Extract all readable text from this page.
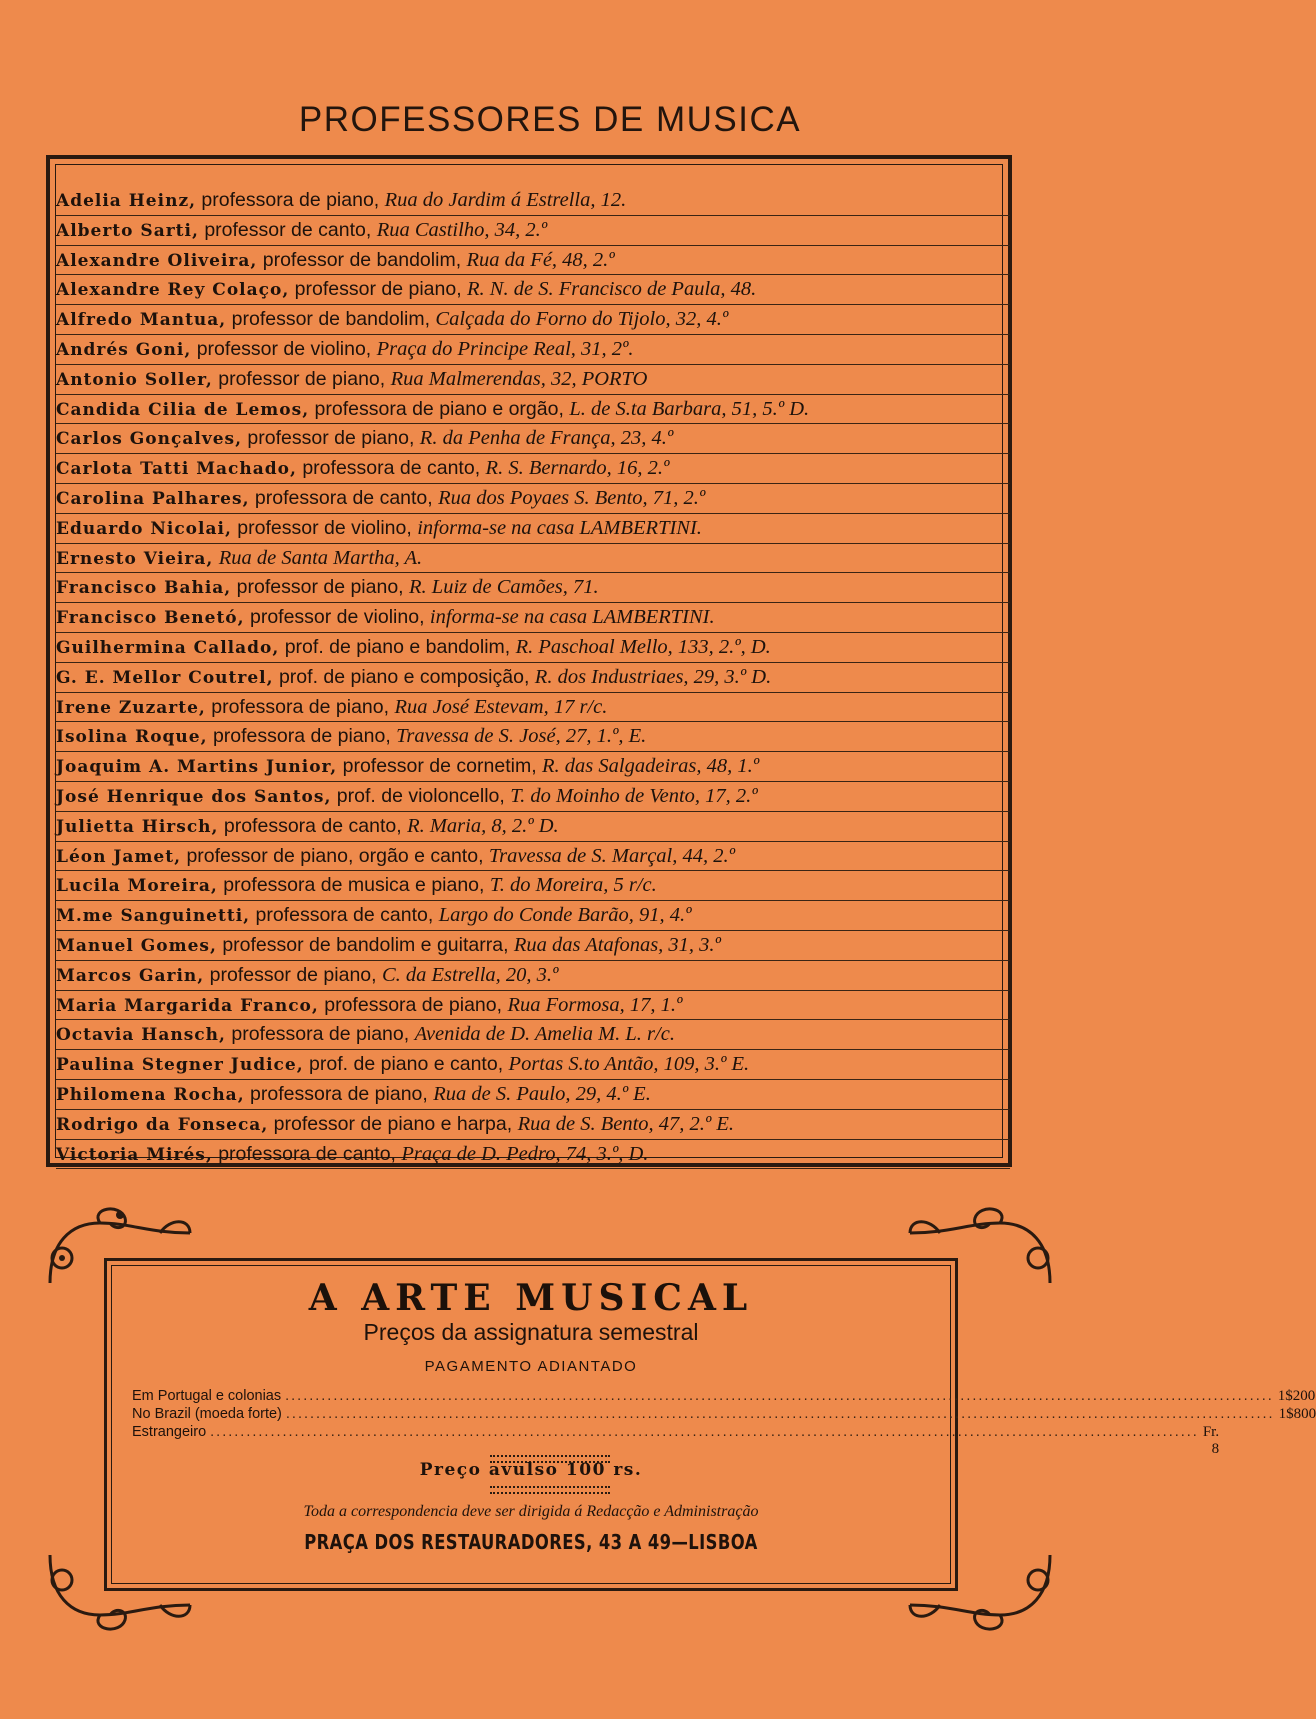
PROFESSORES DE MUSICA
Adelia Heinz, professora de piano, Rua do Jardim á Estrella, 12.
Alberto Sarti, professor de canto, Rua Castilho, 34, 2.º
Alexandre Oliveira, professor de bandolim, Rua da Fé, 48, 2.º
Alexandre Rey Colaço, professor de piano, R. N. de S. Francisco de Paula, 48.
Alfredo Mantua, professor de bandolim, Calçada do Forno do Tijolo, 32, 4.º
Andrés Goni, professor de violino, Praça do Principe Real, 31, 2º.
Antonio Soller, professor de piano, Rua Malmerendas, 32, PORTO
Candida Cilia de Lemos, professora de piano e orgão, L. de S.ta Barbara, 51, 5.º D.
Carlos Gonçalves, professor de piano, R. da Penha de França, 23, 4.º
Carlota Tatti Machado, professora de canto, R. S. Bernardo, 16, 2.º
Carolina Palhares, professora de canto, Rua dos Poyaes S. Bento, 71, 2.º
Eduardo Nicolai, professor de violino, informa-se na casa LAMBERTINI.
Ernesto Vieira, Rua de Santa Martha, A.
Francisco Bahia, professor de piano, R. Luiz de Camões, 71.
Francisco Benetó, professor de violino, informa-se na casa LAMBERTINI.
Guilhermina Callado, prof. de piano e bandolim, R. Paschoal Mello, 133, 2.º, D.
G. E. Mellor Coutrel, prof. de piano e composição, R. dos Industriaes, 29, 3.º D.
Irene Zuzarte, professora de piano, Rua José Estevam, 17 r/c.
Isolina Roque, professora de piano, Travessa de S. José, 27, 1.º, E.
Joaquim A. Martins Junior, professor de cornetim, R. das Salgadeiras, 48, 1.º
José Henrique dos Santos, prof. de violoncello, T. do Moinho de Vento, 17, 2.º
Julietta Hirsch, professora de canto, R. Maria, 8, 2.º D.
Léon Jamet, professor de piano, orgão e canto, Travessa de S. Marçal, 44, 2.º
Lucila Moreira, professora de musica e piano, T. do Moreira, 5 r/c.
M.me Sanguinetti, professora de canto, Largo do Conde Barão, 91, 4.º
Manuel Gomes, professor de bandolim e guitarra, Rua das Atafonas, 31, 3.º
Marcos Garin, professor de piano, C. da Estrella, 20, 3.º
Maria Margarida Franco, professora de piano, Rua Formosa, 17, 1.º
Octavia Hansch, professora de piano, Avenida de D. Amelia M. L. r/c.
Paulina Stegner Judice, prof. de piano e canto, Portas S.to Antão, 109, 3.º E.
Philomena Rocha, professora de piano, Rua de S. Paulo, 29, 4.º E.
Rodrigo da Fonseca, professor de piano e harpa, Rua de S. Bento, 47, 2.º E.
Victoria Mirés, professora de canto, Praça de D. Pedro, 74, 3.º, D.
A ARTE MUSICAL
Preços da assignatura semestral
PAGAMENTO ADIANTADO
Em Portugal e colonias .................................................................................................................................................................... 1$200
No Brazil (moeda forte) .................................................................................................................................................................... 1$800
Estrangeiro .................................................................................................................................................................... Fr. 8
Preço avulso 100 rs.
Toda a correspondencia deve ser dirigida á Redacção e Administração
PRAÇA DOS RESTAURADORES, 43 A 49—LISBOA
